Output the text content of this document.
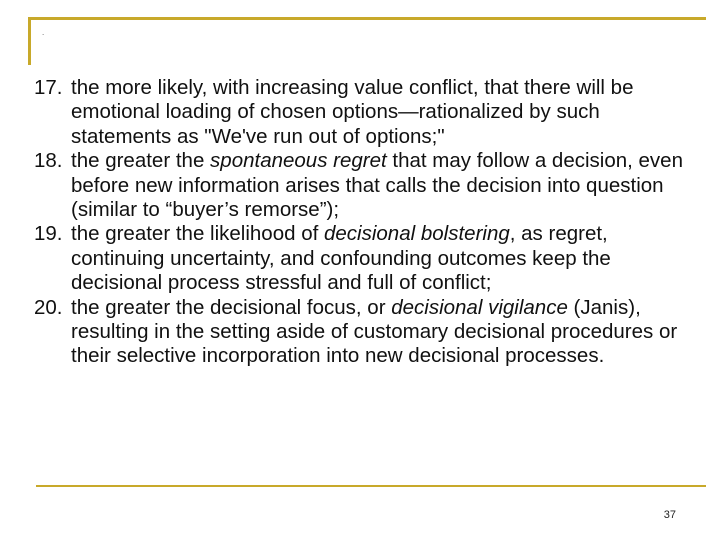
.

17. the more likely, with increasing value conflict, that there will be emotional loading of chosen options—rationalized by such statements as "We've run out of options;"

18. the greater the spontaneous regret that may follow a decision, even before new information arises that calls the decision into question (similar to “buyer’s remorse”);

19. the greater the likelihood of decisional bolstering, as regret, continuing uncertainty, and confounding outcomes keep the decisional process stressful and full of conflict;

20. the greater the decisional focus, or decisional vigilance (Janis), resulting in the setting aside of customary decisional procedures or their selective incorporation into new decisional processes.

37
